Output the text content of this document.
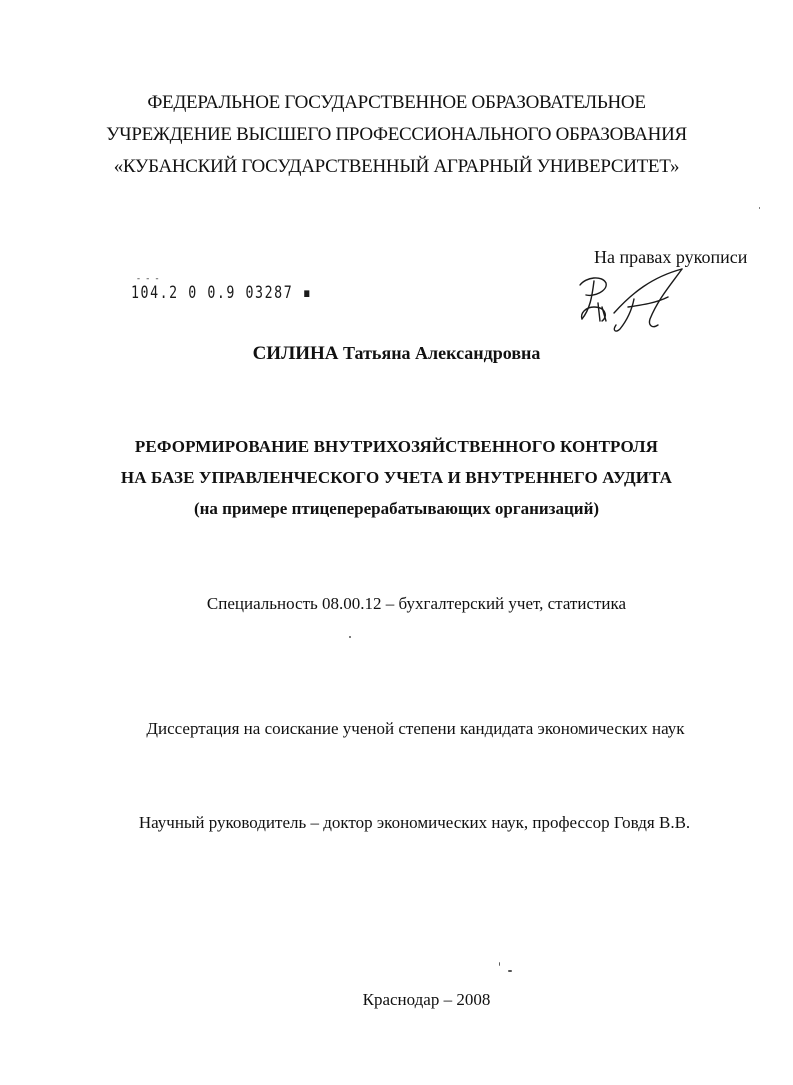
ФЕДЕРАЛЬНОЕ ГОСУДАРСТВЕННОЕ ОБРАЗОВАТЕЛЬНОЕ
УЧРЕЖДЕНИЕ ВЫСШЕГО ПРОФЕССИОНАЛЬНОГО ОБРАЗОВАНИЯ
«КУБАНСКИЙ ГОСУДАРСТВЕННЫЙ АГРАРНЫЙ УНИВЕРСИТЕТ»
На правах рукописи
- - -
104.2 0 0.9 03287 ▪
СИЛИНА Татьяна Александровна
РЕФОРМИРОВАНИЕ ВНУТРИХОЗЯЙСТВЕННОГО КОНТРОЛЯ
НА БАЗЕ УПРАВЛЕНЧЕСКОГО УЧЕТА И ВНУТРЕННЕГО АУДИТА
(на примере птицеперерабатывающих организаций)
Специальность 08.00.12 – бухгалтерский учет, статистика
Диссертация на соискание ученой степени кандидата экономических наук
Научный руководитель – доктор экономических наук, профессор Говдя В.В.
Краснодар – 2008
